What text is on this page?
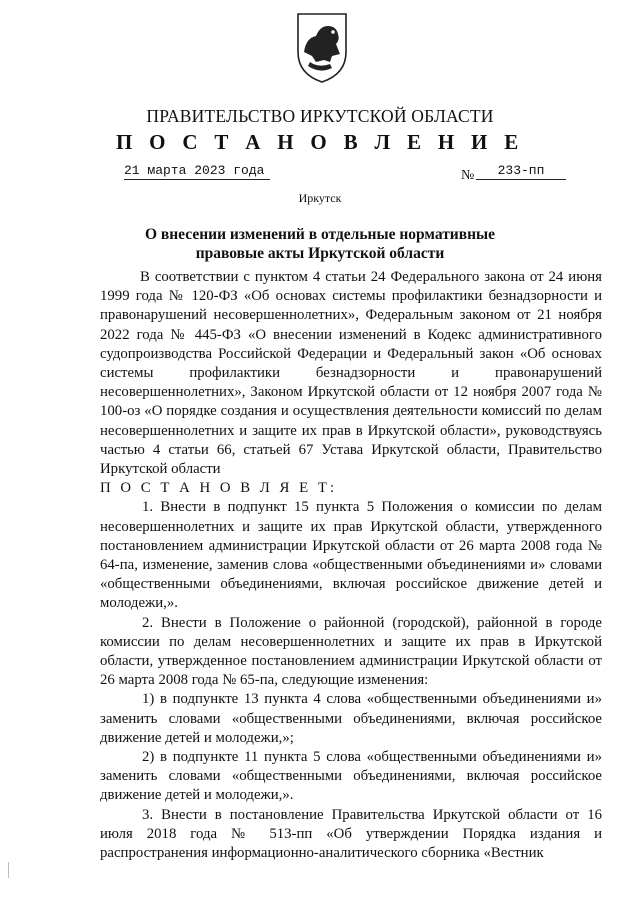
ПРАВИТЕЛЬСТВО ИРКУТСКОЙ ОБЛАСТИ
П О С Т А Н О В Л Е Н И Е
21 марта 2023 года	№	233-пп
Иркутск
О внесении изменений в отдельные нормативные правовые акты Иркутской области

В соответствии с пунктом 4 статьи 24 Федерального закона от 24 июня 1999 года № 120-ФЗ «Об основах системы профилактики безнадзорности и правонарушений несовершеннолетних», Федеральным законом от 21 ноября 2022 года № 445-ФЗ «О внесении изменений в Кодекс административного судопроизводства Российской Федерации и Федеральный закон «Об основах системы профилактики безнадзорности и правонарушений несовершеннолетних», Законом Иркутской области от 12 ноября 2007 года № 100-оз «О порядке создания и осуществления деятельности комиссий по делам несовершеннолетних и защите их прав в Иркутской области», руководствуясь частью 4 статьи 66, статьей 67 Устава Иркутской области, Правительство Иркутской области

П О С Т А Н О В Л Я Е Т:

1. Внести в подпункт 15 пункта 5 Положения о комиссии по делам несовершеннолетних и защите их прав Иркутской области, утвержденного постановлением администрации Иркутской области от 26 марта 2008 года № 64-па, изменение, заменив слова «общественными объединениями и» словами «общественными объединениями, включая российское движение детей и молодежи,».

2. Внести в Положение о районной (городской), районной в городе комиссии по делам несовершеннолетних и защите их прав в Иркутской области, утвержденное постановлением администрации Иркутской области от 26 марта 2008 года № 65-па, следующие изменения:

1) в подпункте 13 пункта 4 слова «общественными объединениями и» заменить словами «общественными объединениями, включая российское движение детей и молодежи,»;

2) в подпункте 11 пункта 5 слова «общественными объединениями и» заменить словами «общественными объединениями, включая российское движение детей и молодежи,».

3. Внести в постановление Правительства Иркутской области от 16 июля 2018 года № 513-пп «Об утверждении Порядка издания и распространения информационно-аналитического сборника «Вестник
